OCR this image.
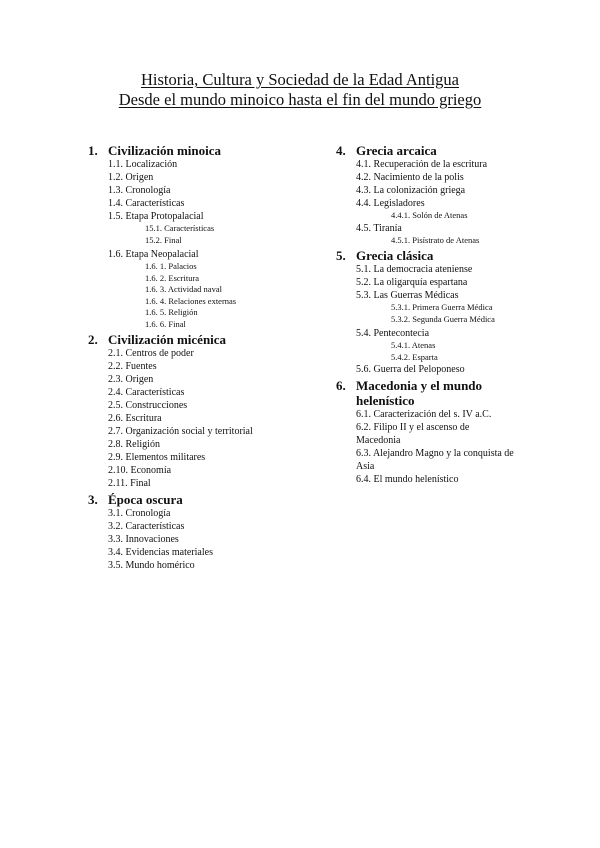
Historia, Cultura y Sociedad de la Edad Antigua
Desde el mundo minoico hasta el fin del mundo griego
1. Civilización minoica
1.1. Localización
1.2. Origen
1.3. Cronología
1.4. Características
1.5. Etapa Protopalacial
15.1. Características
15.2. Final
1.6. Etapa Neopalacial
1.6. 1. Palacios
1.6. 2. Escritura
1.6. 3. Actividad naval
1.6. 4. Relaciones externas
1.6. 5. Religión
1.6. 6. Final
2. Civilización micénica
2.1. Centros de poder
2.2. Fuentes
2.3. Origen
2.4. Características
2.5. Construcciones
2.6. Escritura
2.7. Organización social y territorial
2.8. Religión
2.9. Elementos militares
2.10. Economía
2.11. Final
3. Época oscura
3.1. Cronología
3.2. Características
3.3. Innovaciones
3.4. Evidencias materiales
3.5. Mundo homérico
4. Grecia arcaica
4.1. Recuperación de la escritura
4.2. Nacimiento de la polis
4.3. La colonización griega
4.4. Legisladores
4.4.1. Solón de Atenas
4.5. Tiranía
4.5.1. Pisístrato de Atenas
5. Grecia clásica
5.1. La democracia ateniense
5.2. La oligarquía espartana
5.3. Las Guerras Médicas
5.3.1. Primera Guerra Médica
5.3.2. Segunda Guerra Médica
5.4. Pentecontecia
5.4.1. Atenas
5.4.2. Esparta
5.6. Guerra del Peloponeso
6. Macedonia y el mundo
helenístico
6.1. Caracterización del s. IV a.C.
6.2. Filipo II y el ascenso de
Macedonia
6.3. Alejandro Magno y la conquista de
Asia
6.4. El mundo helenístico
